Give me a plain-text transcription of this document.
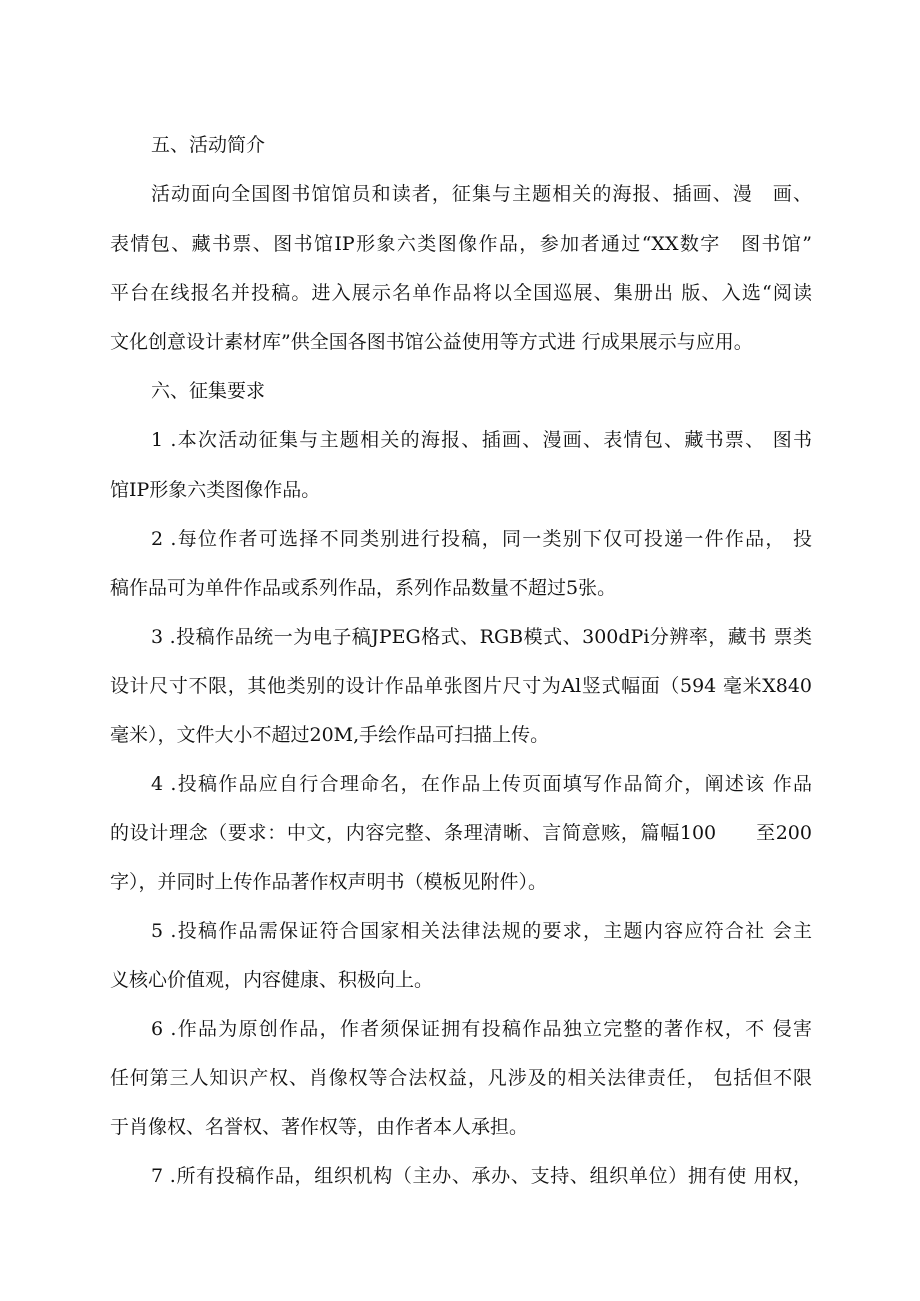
五、活动简介

活动面向全国图书馆馆员和读者，征集与主题相关的海报、插画、漫　画、

表情包、藏书票、图书馆IP形象六类图像作品，参加者通过“XX数字　图书馆”

平台在线报名并投稿。进入展示名单作品将以全国巡展、集册出 版、入选“阅读

文化创意设计素材库”供全国各图书馆公益使用等方式进 行成果展示与应用。

六、征集要求

1 .本次活动征集与主题相关的海报、插画、漫画、表情包、藏书票、 图书

馆IP形象六类图像作品。

2 .每位作者可选择不同类别进行投稿，同一类别下仅可投递一件作品， 投

稿作品可为单件作品或系列作品，系列作品数量不超过5张。

3 .投稿作品统一为电子稿JPEG格式、RGB模式、300dPi分辨率，藏书 票类

设计尺寸不限，其他类别的设计作品单张图片尺寸为Al竖式幅面（594 毫米X840

毫米），文件大小不超过20M,手绘作品可扫描上传。

4 .投稿作品应自行合理命名，在作品上传页面填写作品简介，阐述该 作品

的设计理念（要求：中文，内容完整、条理清晰、言简意赅，篇幅100　　至200

字），并同时上传作品著作权声明书（模板见附件）。

5 .投稿作品需保证符合国家相关法律法规的要求，主题内容应符合社 会主

义核心价值观，内容健康、积极向上。

6 .作品为原创作品，作者须保证拥有投稿作品独立完整的著作权，不 侵害

任何第三人知识产权、肖像权等合法权益，凡涉及的相关法律责任， 包括但不限

于肖像权、名誉权、著作权等，由作者本人承担。

7 .所有投稿作品，组织机构（主办、承办、支持、组织单位）拥有使 用权，
